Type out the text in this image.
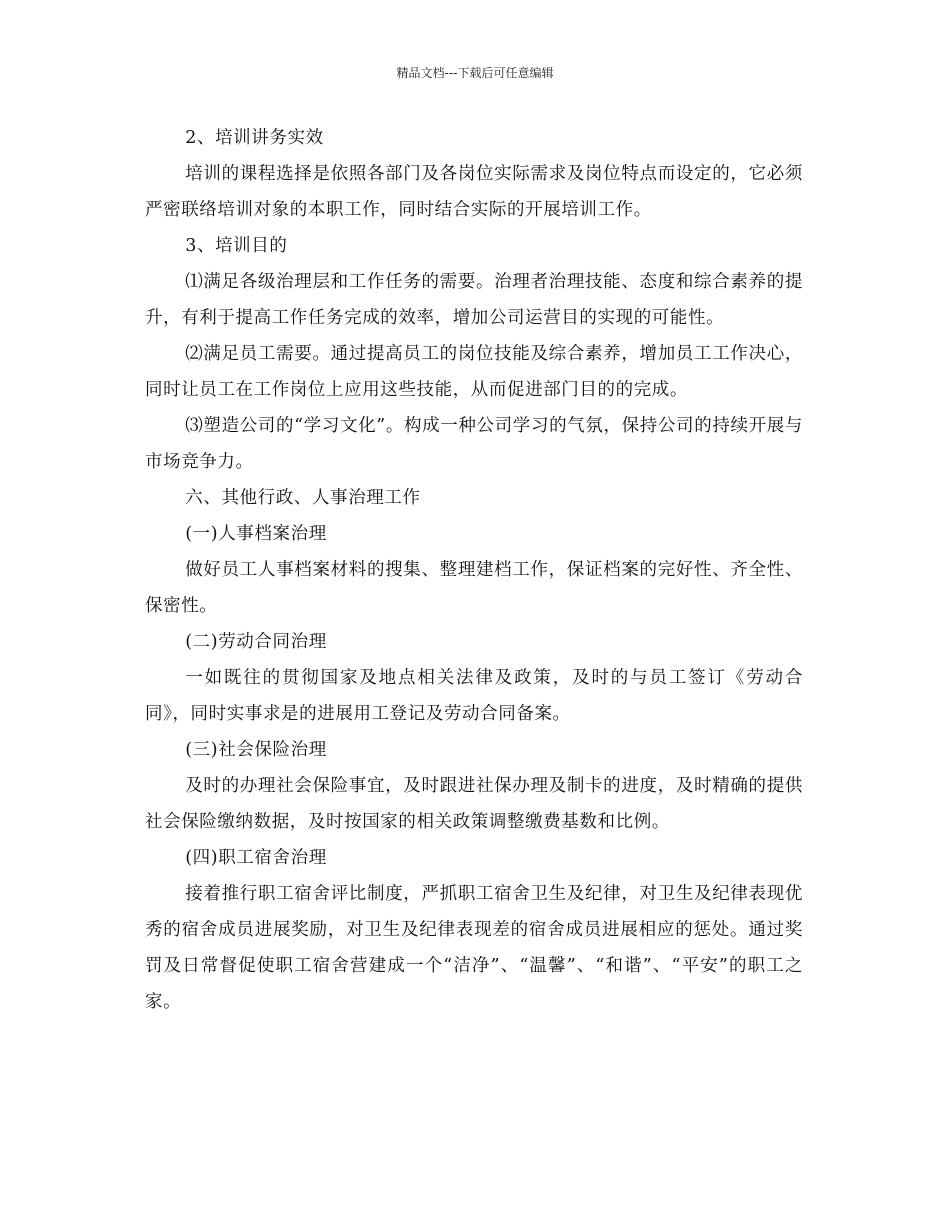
精品文档---下载后可任意编辑

2、培训讲务实效

培训的课程选择是依照各部门及各岗位实际需求及岗位特点而设定的，它必须严密联络培训对象的本职工作，同时结合实际的开展培训工作。

3、培训目的

⑴满足各级治理层和工作任务的需要。治理者治理技能、态度和综合素养的提升，有利于提高工作任务完成的效率，增加公司运营目的实现的可能性。

⑵满足员工需要。通过提高员工的岗位技能及综合素养，增加员工工作决心，同时让员工在工作岗位上应用这些技能，从而促进部门目的的完成。

⑶塑造公司的“学习文化”。构成一种公司学习的气氛，保持公司的持续开展与市场竞争力。

六、其他行政、人事治理工作

(一)人事档案治理

做好员工人事档案材料的搜集、整理建档工作，保证档案的完好性、齐全性、保密性。

(二)劳动合同治理

一如既往的贯彻国家及地点相关法律及政策，及时的与员工签订《劳动合同》，同时实事求是的进展用工登记及劳动合同备案。

(三)社会保险治理

及时的办理社会保险事宜，及时跟进社保办理及制卡的进度，及时精确的提供社会保险缴纳数据，及时按国家的相关政策调整缴费基数和比例。

(四)职工宿舍治理

接着推行职工宿舍评比制度，严抓职工宿舍卫生及纪律，对卫生及纪律表现优秀的宿舍成员进展奖励，对卫生及纪律表现差的宿舍成员进展相应的惩处。通过奖罚及日常督促使职工宿舍营建成一个“洁净”、“温馨”、“和谐”、“平安”的职工之家。
